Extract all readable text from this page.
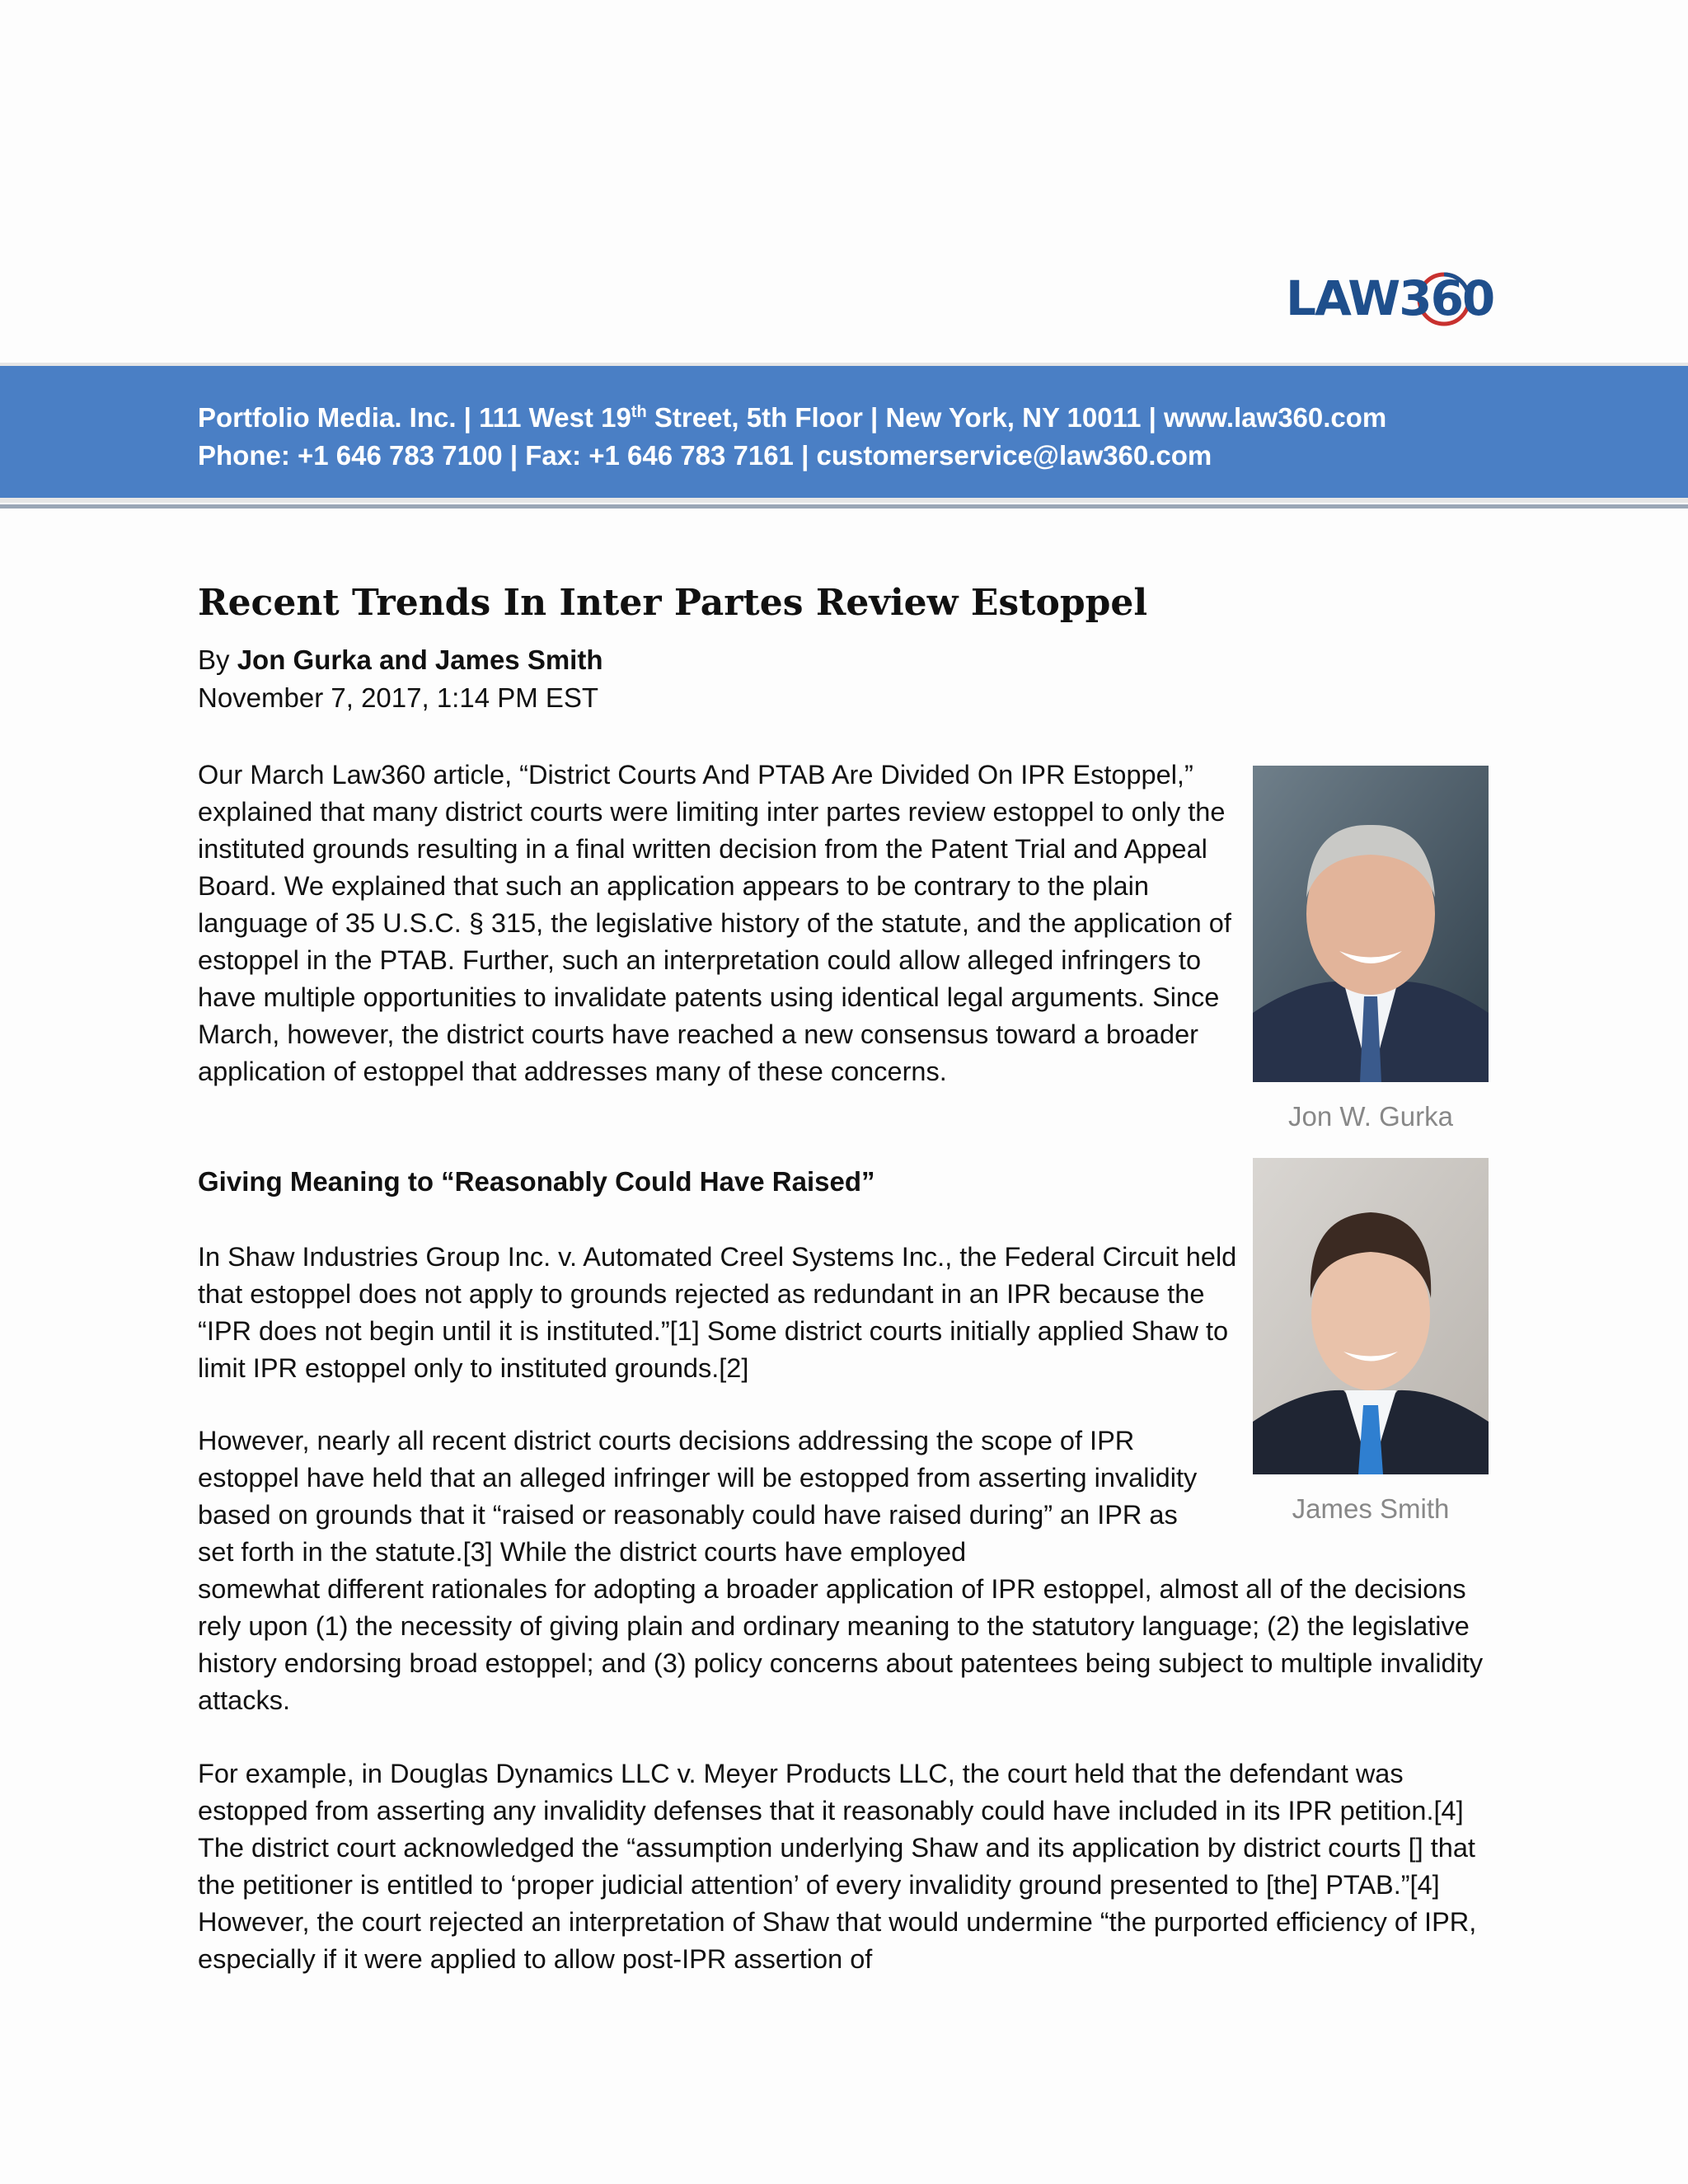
LAW360
Portfolio Media. Inc. | 111 West 19th Street, 5th Floor | New York, NY 10011 | www.law360.com
Phone: +1 646 783 7100 | Fax: +1 646 783 7161 | customerservice@law360.com
Recent Trends In Inter Partes Review Estoppel
By Jon Gurka and James Smith
November 7, 2017, 1:14 PM EST

Our March Law360 article, “District Courts And PTAB Are Divided On IPR Estoppel,” explained that many district courts were limiting inter partes review estoppel to only the instituted grounds resulting in a final written decision from the Patent Trial and Appeal Board. We explained that such an application appears to be contrary to the plain language of 35 U.S.C. § 315, the legislative history of the statute, and the application of estoppel in the PTAB. Further, such an interpretation could allow alleged infringers to have multiple opportunities to invalidate patents using identical legal arguments. Since March, however, the district courts have reached a new consensus toward a broader application of estoppel that addresses many of these concerns.

Giving Meaning to “Reasonably Could Have Raised”

In Shaw Industries Group Inc. v. Automated Creel Systems Inc., the Federal Circuit held that estoppel does not apply to grounds rejected as redundant in an IPR because the “IPR does not begin until it is instituted.”[1] Some district courts initially applied Shaw to limit IPR estoppel only to instituted grounds.[2]

However, nearly all recent district courts decisions addressing the scope of IPR estoppel have held that an alleged infringer will be estopped from asserting invalidity based on grounds that it “raised or reasonably could have raised during” an IPR as set forth in the statute.[3] While the district courts have employed
somewhat different rationales for adopting a broader application of IPR estoppel, almost all of the decisions rely upon (1) the necessity of giving plain and ordinary meaning to the statutory language; (2) the legislative history endorsing broad estoppel; and (3) policy concerns about patentees being subject to multiple invalidity attacks.

For example, in Douglas Dynamics LLC v. Meyer Products LLC, the court held that the defendant was estopped from asserting any invalidity defenses that it reasonably could have included in its IPR petition.[4] The district court acknowledged the “assumption underlying Shaw and its application by district courts [] that the petitioner is entitled to ‘proper judicial attention’ of every invalidity ground presented to [the] PTAB.”[4] However, the court rejected an interpretation of Shaw that would undermine “the purported efficiency of IPR, especially if it were applied to allow post-IPR assertion of

Jon W. Gurka
James Smith
